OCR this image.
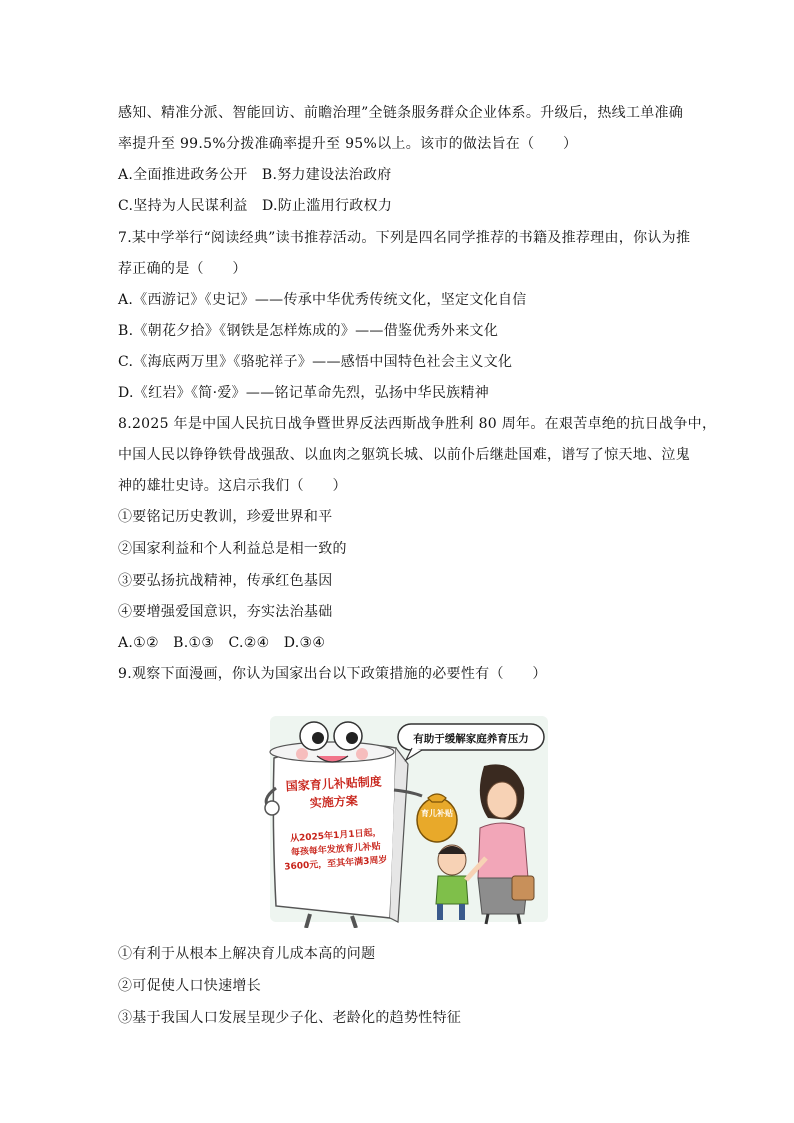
感知、精准分派、智能回访、前瞻治理”全链条服务群众企业体系。升级后，热线工单准确
率提升至 99.5%分拨准确率提升至 95%以上。该市的做法旨在（　　）
A.全面推进政务公开　B.努力建设法治政府
C.坚持为人民谋利益　D.防止滥用行政权力
7.某中学举行“阅读经典”读书推荐活动。下列是四名同学推荐的书籍及推荐理由，你认为推
荐正确的是（　　）
A.《西游记》《史记》——传承中华优秀传统文化，坚定文化自信
B.《朝花夕拾》《钢铁是怎样炼成的》——借鉴优秀外来文化
C.《海底两万里》《骆驼祥子》——感悟中国特色社会主义文化
D.《红岩》《简·爱》——铭记革命先烈，弘扬中华民族精神
8.2025 年是中国人民抗日战争暨世界反法西斯战争胜利 80 周年。在艰苦卓绝的抗日战争中，
中国人民以铮铮铁骨战强敌、以血肉之躯筑长城、以前仆后继赴国难，谱写了惊天地、泣鬼
神的雄壮史诗。这启示我们（　　）
①要铭记历史教训，珍爱世界和平
②国家利益和个人利益总是相一致的
③要弘扬抗战精神，传承红色基因
④要增强爱国意识，夯实法治基础
A.①②　B.①③　C.②④　D.③④
9.观察下面漫画，你认为国家出台以下政策措施的必要性有（　　）
国家育儿补贴制度
实施方案
从2025年1月1日起，
每孩每年发放育儿补贴
3600元，至其年满3周岁
有助于缓解家庭养育压力
育儿补贴
①有利于从根本上解决育儿成本高的问题
②可促使人口快速增长
③基于我国人口发展呈现少子化、老龄化的趋势性特征
